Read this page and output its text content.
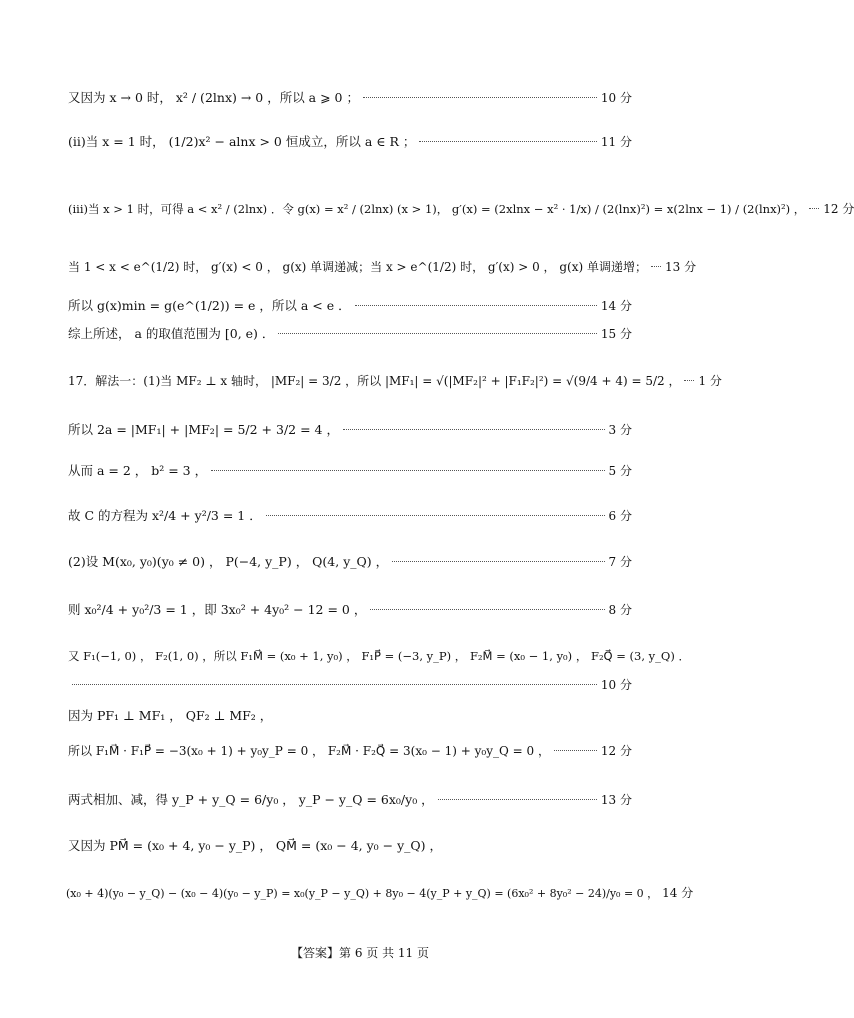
又因为 x → 0 时， x² / (2lnx) → 0 ，所以 a ⩾ 0 ；	10 分
(ii)当 x = 1 时， (1/2)x² − alnx > 0 恒成立，所以 a ∈ R ；	11 分
(iii)当 x > 1 时，可得 a < x² / (2lnx) ．令 g(x) = x² / (2lnx) (x > 1)， g′(x) = (2xlnx − x² · 1/x) / (2(lnx)²) = x(2lnx − 1) / (2(lnx)²) ， 12 分
当 1 < x < e^(1/2) 时， g′(x) < 0 ， g(x) 单调递减；当 x > e^(1/2) 时， g′(x) > 0 ， g(x) 单调递增； 13 分
所以 g(x)min = g(e^(1/2)) = e ，所以 a < e ．	14 分
综上所述， a 的取值范围为 [0, e) ．	15 分
17．解法一：(1)当 MF₂ ⊥ x 轴时， |MF₂| = 3/2 ，所以 |MF₁| = √(|MF₂|² + |F₁F₂|²) = √(9/4 + 4) = 5/2 ， 1 分
所以 2a = |MF₁| + |MF₂| = 5/2 + 3/2 = 4 ，	3 分
从而 a = 2 ， b² = 3 ，	5 分
故 C 的方程为 x²/4 + y²/3 = 1 ．	6 分
(2)设 M(x₀, y₀)(y₀ ≠ 0) ， P(−4, y_P) ， Q(4, y_Q) ，	7 分
则 x₀²/4 + y₀²/3 = 1 ，即 3x₀² + 4y₀² − 12 = 0 ，	8 分
又 F₁(−1, 0) ， F₂(1, 0) ，所以 F₁M⃗ = (x₀ + 1, y₀) ， F₁P⃗ = (−3, y_P) ， F₂M⃗ = (x₀ − 1, y₀) ， F₂Q⃗ = (3, y_Q) ．
10 分
因为 PF₁ ⊥ MF₁ ， QF₂ ⊥ MF₂ ，
所以 F₁M⃗ · F₁P⃗ = −3(x₀ + 1) + y₀y_P = 0 ， F₂M⃗ · F₂Q⃗ = 3(x₀ − 1) + y₀y_Q = 0 ，	12 分
两式相加、减，得 y_P + y_Q = 6/y₀ ， y_P − y_Q = 6x₀/y₀ ，	13 分
又因为 PM⃗ = (x₀ + 4, y₀ − y_P) ， QM⃗ = (x₀ − 4, y₀ − y_Q) ，
(x₀ + 4)(y₀ − y_Q) − (x₀ − 4)(y₀ − y_P) = x₀(y_P − y_Q) + 8y₀ − 4(y_P + y_Q) = (6x₀² + 8y₀² − 24)/y₀ = 0 ， 14 分
【答案】第 6 页 共 11 页
